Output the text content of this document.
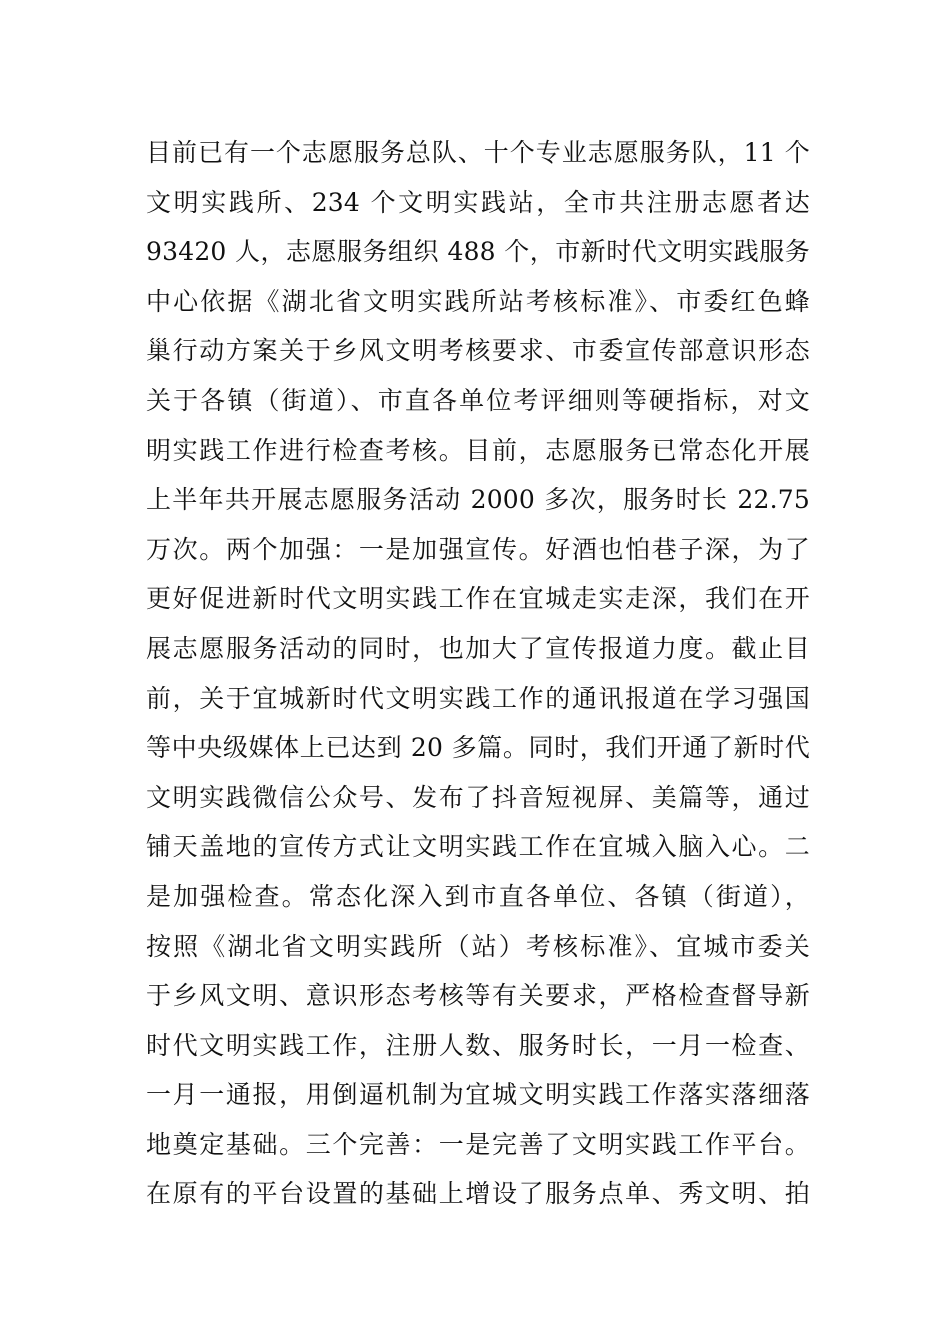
目前已有一个志愿服务总队、十个专业志愿服务队，11 个
文明实践所、234 个文明实践站，全市共注册志愿者达
93420 人，志愿服务组织 488 个，市新时代文明实践服务
中心依据《湖北省文明实践所站考核标准》、市委红色蜂
巢行动方案关于乡风文明考核要求、市委宣传部意识形态
关于各镇（街道）、市直各单位考评细则等硬指标，对文
明实践工作进行检查考核。目前，志愿服务已常态化开展
上半年共开展志愿服务活动 2000 多次，服务时长 22.75
万次。两个加强：一是加强宣传。好酒也怕巷子深，为了
更好促进新时代文明实践工作在宜城走实走深，我们在开
展志愿服务活动的同时，也加大了宣传报道力度。截止目
前，关于宜城新时代文明实践工作的通讯报道在学习强国
等中央级媒体上已达到 20 多篇。同时，我们开通了新时代
文明实践微信公众号、发布了抖音短视屏、美篇等，通过
铺天盖地的宣传方式让文明实践工作在宜城入脑入心。二
是加强检查。常态化深入到市直各单位、各镇（街道），
按照《湖北省文明实践所（站）考核标准》、宜城市委关
于乡风文明、意识形态考核等有关要求，严格检查督导新
时代文明实践工作，注册人数、服务时长，一月一检查、
一月一通报，用倒逼机制为宜城文明实践工作落实落细落
地奠定基础。三个完善：一是完善了文明实践工作平台。
在原有的平台设置的基础上增设了服务点单、秀文明、拍
